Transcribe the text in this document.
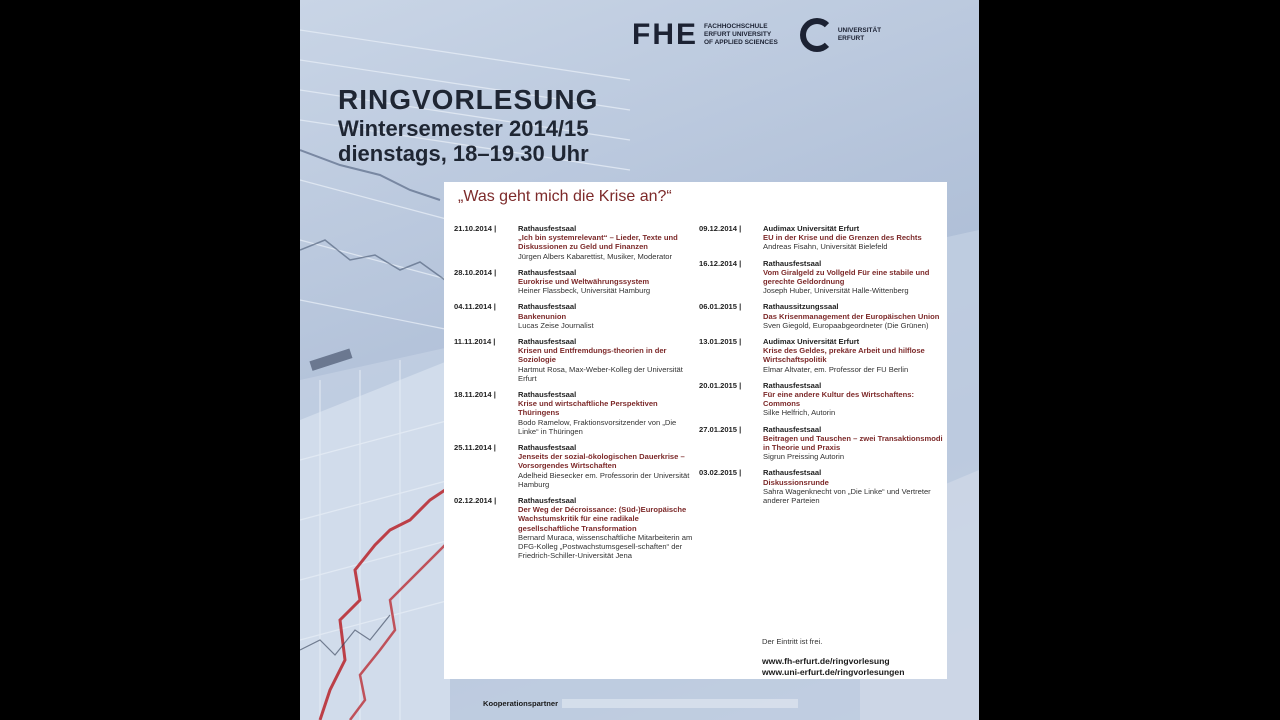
FHE FACHHOCHSCHULE
ERFURT UNIVERSITY
OF APPLIED SCIENCES
UNIVERSITÄT
ERFURT
RINGVORLESUNG
Wintersemester 2014/15
dienstags, 18–19.30 Uhr
„Was geht mich die Krise an?“
21.10.2014 |	Rathausfestsaal
„Ich bin systemrelevant“ – Lieder, Texte und Diskussionen zu Geld und Finanzen
Jürgen Albers Kabarettist, Musiker, Moderator
28.10.2014 |	Rathausfestsaal
Eurokrise und Weltwährungssystem
Heiner Flassbeck, Universität Hamburg
04.11.2014 |	Rathausfestsaal
Bankenunion
Lucas Zeise Journalist
11.11.2014 |	Rathausfestsaal
Krisen und Entfremdungs-theorien in der Soziologie
Hartmut Rosa, Max-Weber-Kolleg der Universität Erfurt
18.11.2014 |	Rathausfestsaal
Krise und wirtschaftliche Perspektiven Thüringens
Bodo Ramelow, Fraktionsvorsitzender von „Die Linke“ in Thüringen
25.11.2014 |	Rathausfestsaal
Jenseits der sozial-ökologischen Dauerkrise – Vorsorgendes Wirtschaften
Adelheid Biesecker em. Professorin der Universität Hamburg
02.12.2014 |	Rathausfestsaal
Der Weg der Décroissance: (Süd-)Europäische Wachstumskritik für eine radikale gesellschaftliche Transformation
Bernard Muraca, wissenschaftliche Mitarbeiterin am DFG-Kolleg „Postwachstumsgesell-schaften“ der Friedrich-Schiller-Universität Jena
09.12.2014 |	Audimax Universität Erfurt
EU in der Krise und die Grenzen des Rechts
Andreas Fisahn, Universität Bielefeld
16.12.2014 |	Rathausfestsaal
Vom Giralgeld zu Vollgeld Für eine stabile und gerechte Geldordnung
Joseph Huber, Universität Halle-Wittenberg
06.01.2015 |	Rathaussitzungssaal
Das Krisenmanagement der Europäischen Union
Sven Giegold, Europaabgeordneter (Die Grünen)
13.01.2015 |	Audimax Universität Erfurt
Krise des Geldes, prekäre Arbeit und hilflose Wirtschaftspolitik
Elmar Altvater, em. Professor der FU Berlin
20.01.2015 |	Rathausfestsaal
Für eine andere Kultur des Wirtschaftens: Commons
Silke Helfrich, Autorin
27.01.2015 |	Rathausfestsaal
Beitragen und Tauschen – zwei Transaktionsmodi in Theorie und Praxis
Sigrun Preissing Autorin
03.02.2015 |	Rathausfestsaal
Diskussionsrunde
Sahra Wagenknecht von „Die Linke“ und Vertreter anderer Parteien
Der Eintritt ist frei.
www.fh-erfurt.de/ringvorlesung
www.uni-erfurt.de/ringvorlesungen
Kooperationspartner
